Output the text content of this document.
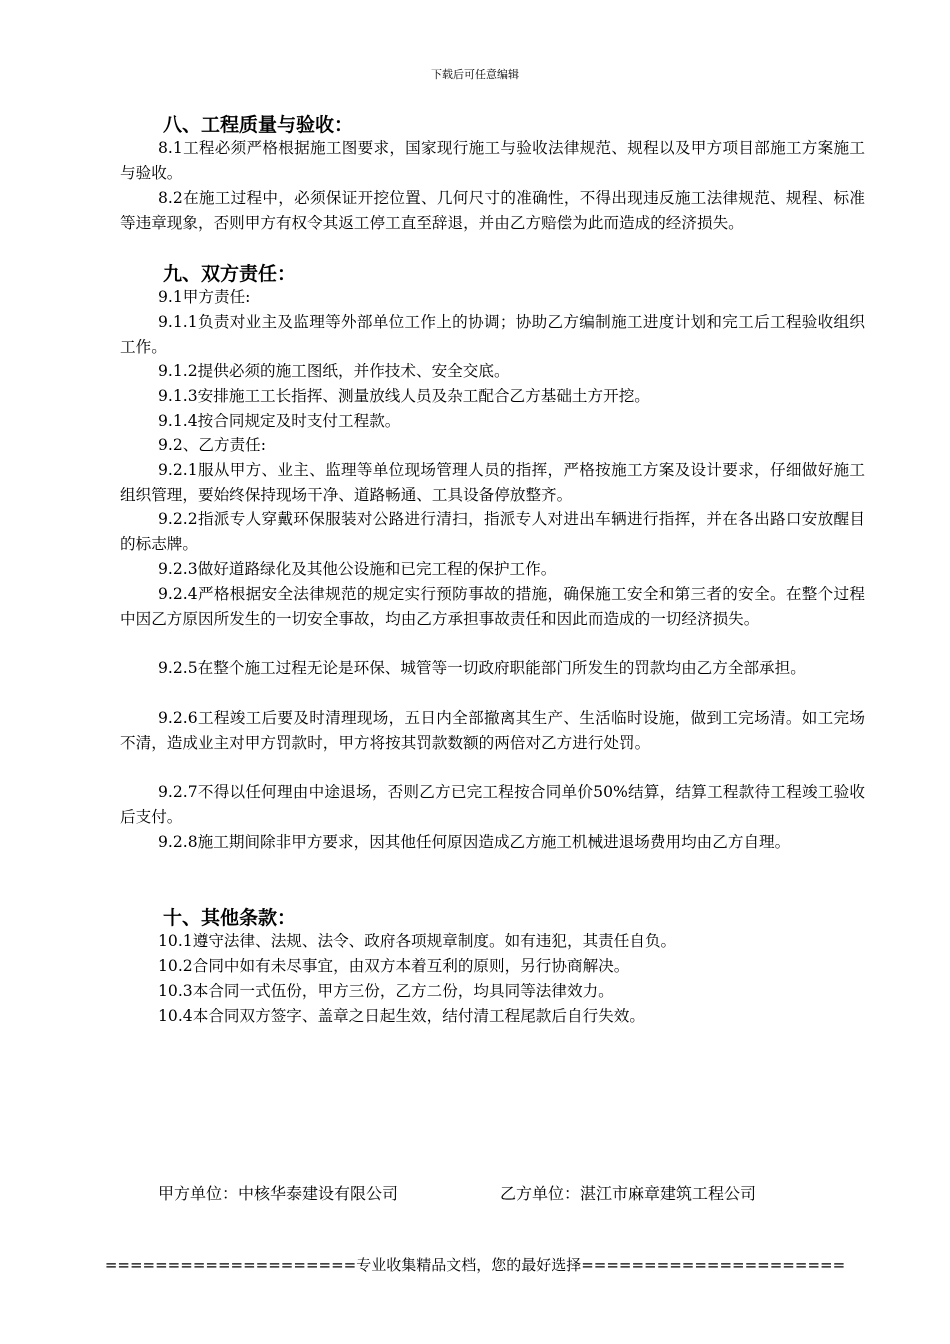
下载后可任意编辑
八、工程质量与验收：

8.1工程必须严格根据施工图要求，国家现行施工与验收法律规范、规程以及甲方项目部施工方案施工与验收。

8.2在施工过程中，必须保证开挖位置、几何尺寸的准确性，不得出现违反施工法律规范、规程、标准等违章现象，否则甲方有权令其返工停工直至辞退，并由乙方赔偿为此而造成的经济损失。

九、双方责任：
9.1甲方责任:

9.1.1负责对业主及监理等外部单位工作上的协调；协助乙方编制施工进度计划和完工后工程验收组织工作。

9.1.2提供必须的施工图纸，并作技术、安全交底。
9.1.3安排施工工长指挥、测量放线人员及杂工配合乙方基础土方开挖。
9.1.4按合同规定及时支付工程款。
9.2、乙方责任:

9.2.1服从甲方、业主、监理等单位现场管理人员的指挥，严格按施工方案及设计要求，仔细做好施工组织管理，要始终保持现场干净、道路畅通、工具设备停放整齐。

9.2.2指派专人穿戴环保服装对公路进行清扫，指派专人对进出车辆进行指挥，并在各出路口安放醒目的标志牌。

9.2.3做好道路绿化及其他公设施和已完工程的保护工作。

9.2.4严格根据安全法律规范的规定实行预防事故的措施，确保施工安全和第三者的安全。在整个过程中因乙方原因所发生的一切安全事故，均由乙方承担事故责任和因此而造成的一切经济损失。

9.2.5在整个施工过程无论是环保、城管等一切政府职能部门所发生的罚款均由乙方全部承担。

9.2.6工程竣工后要及时清理现场，五日内全部撤离其生产、生活临时设施，做到工完场清。如工完场不清，造成业主对甲方罚款时，甲方将按其罚款数额的两倍对乙方进行处罚。

9.2.7不得以任何理由中途退场，否则乙方已完工程按合同单价50%结算，结算工程款待工程竣工验收后支付。

9.2.8施工期间除非甲方要求，因其他任何原因造成乙方施工机械进退场费用均由乙方自理。

十、其他条款：
10.1遵守法律、法规、法令、政府各项规章制度。如有违犯，其责任自负。
10.2合同中如有未尽事宜，由双方本着互利的原则，另行协商解决。
10.3本合同一式伍份，甲方三份，乙方二份，均具同等法律效力。
10.4本合同双方签字、盖章之日起生效，结付清工程尾款后自行失效。
甲方单位：中核华泰建设有限公司	乙方单位：湛江市麻章建筑工程公司
====================专业收集精品文档，您的最好选择=====================
